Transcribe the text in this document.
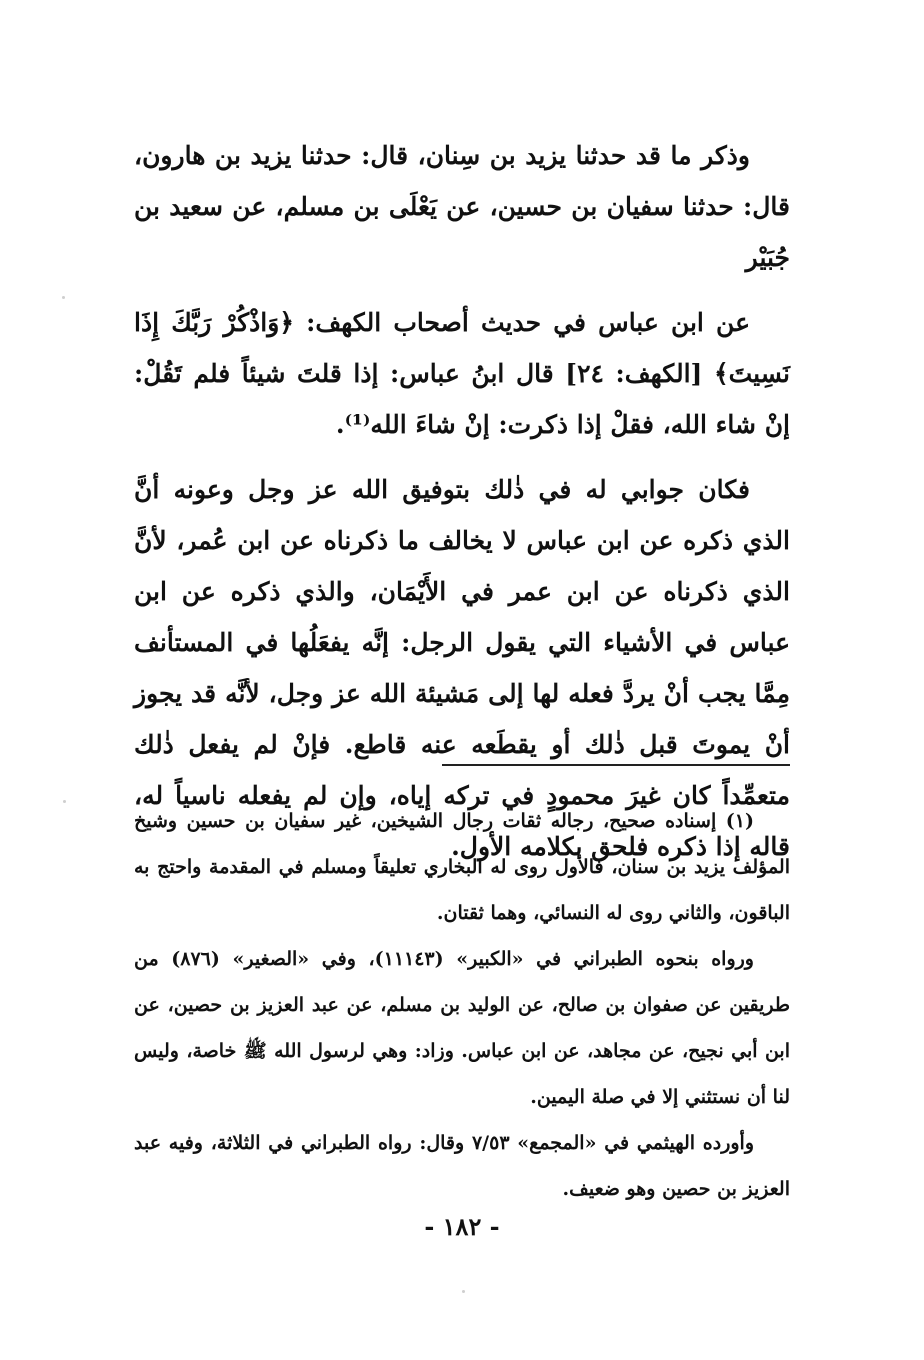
وذكر ما قد حدثنا يزيد بن سِنان، قال: حدثنا يزيد بن هارون، قال: حدثنا سفيان بن حسين، عن يَعْلَى بن مسلم، عن سعيد بن جُبَيْر

عن ابن عباس في حديث أصحاب الكهف: ﴿وَاذْكُرْ رَبَّكَ إِذَا نَسِيتَ﴾ [الكهف: ٢٤] قال ابنُ عباس: إذا قلتَ شيئاً فلم تَقُلْ: إنْ شاء الله، فقلْ إذا ذكرت: إنْ شاءَ الله⁽¹⁾.

فكان جوابي له في ذٰلك بتوفيق الله عز وجل وعونه أنَّ الذي ذكره عن ابن عباس لا يخالف ما ذكرناه عن ابن عُمر، لأنَّ الذي ذكرناه عن ابن عمر في الأَيْمَان، والذي ذكره عن ابن عباس في الأشياء التي يقول الرجل: إنَّه يفعَلُها في المستأنف مِمَّا يجب أنْ يردَّ فعله لها إلى مَشيئة الله عز وجل، لأنَّه قد يجوز أنْ يموتَ قبل ذٰلك أو يقطَعه عنه قاطع. فإنْ لم يفعل ذٰلك متعمِّداً كان غيرَ محمودٍ في تركه إياه، وإن لم يفعله ناسياً له، قاله إذا ذكره فلحق بكلامه الأول.

(١) إسناده صحيح، رجاله ثقات رجال الشيخين، غير سفيان بن حسين وشيخ المؤلف يزيد بن سنان، فالأول روى له البخاري تعليقاً ومسلم في المقدمة واحتج به الباقون، والثاني روى له النسائي، وهما ثقتان.

ورواه بنحوه الطبراني في «الكبير» (١١١٤٣)، وفي «الصغير» (٨٧٦) من طريقين عن صفوان بن صالح، عن الوليد بن مسلم، عن عبد العزيز بن حصين، عن ابن أبي نجيح، عن مجاهد، عن ابن عباس. وزاد: وهي لرسول الله ﷺ خاصة، وليس لنا أن نستثني إلا في صلة اليمين.

وأورده الهيثمي في «المجمع» ٧/٥٣ وقال: رواه الطبراني في الثلاثة، وفيه عبد العزيز بن حصين وهو ضعيف.

- ١٨٢ -
